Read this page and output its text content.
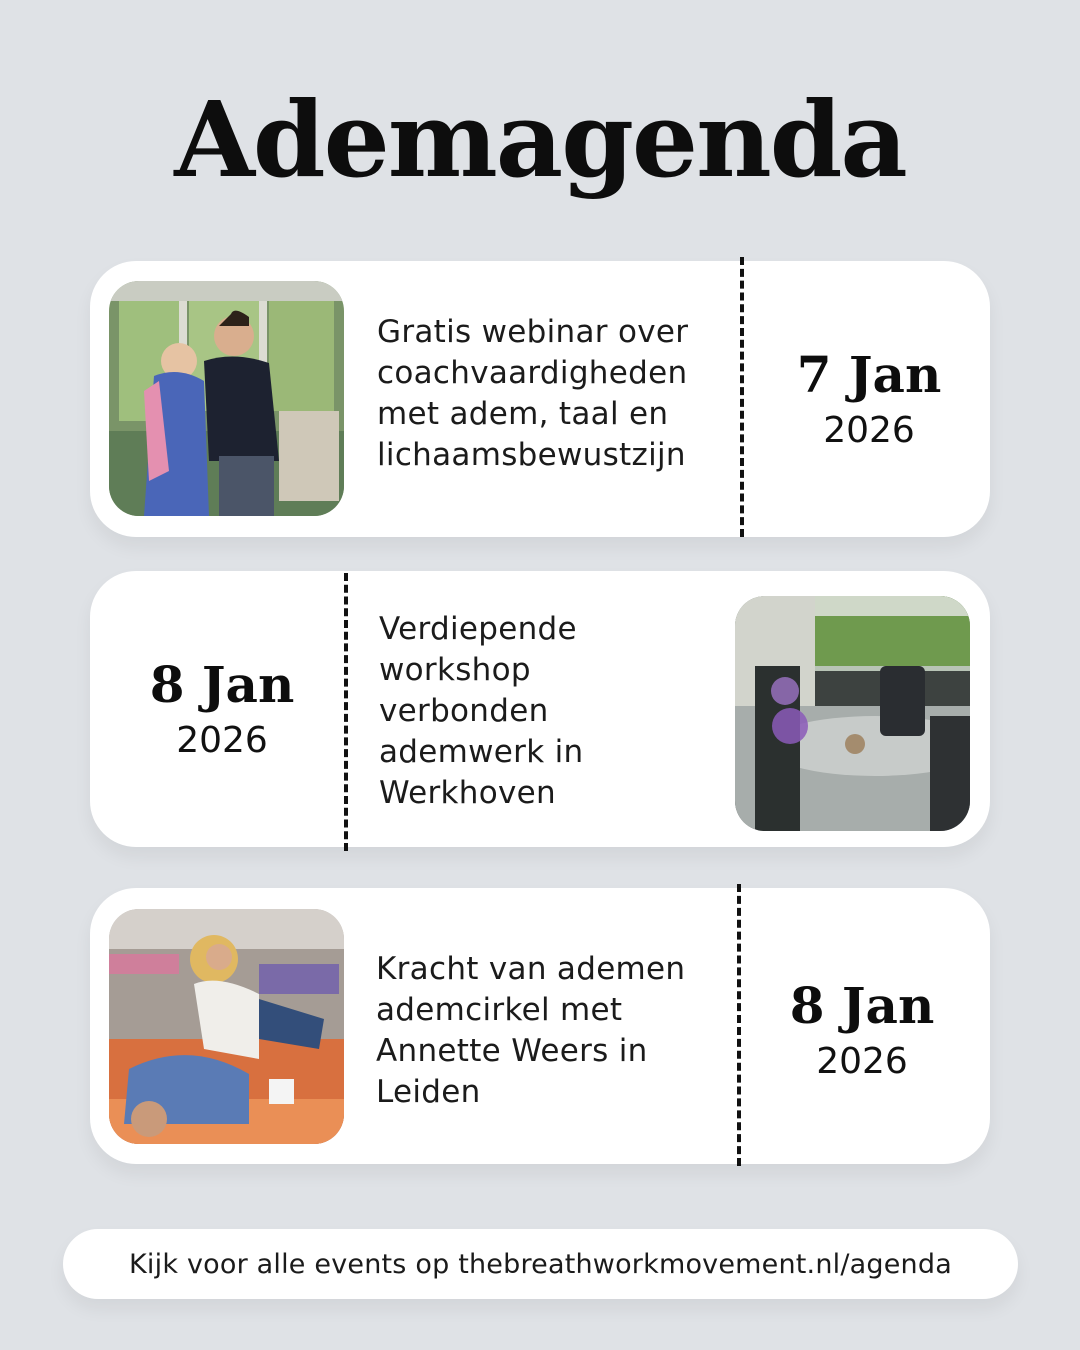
Ademagenda
Gratis webinar over
coachvaardigheden
met adem, taal en
lichaamsbewustzijn
7 Jan
2026
8 Jan
2026
Verdiepende
workshop
verbonden
ademwerk in
Werkhoven
Kracht van ademen
ademcirkel met
Annette Weers in
Leiden
8 Jan
2026
Kijk voor alle events op thebreathworkmovement.nl/agenda
